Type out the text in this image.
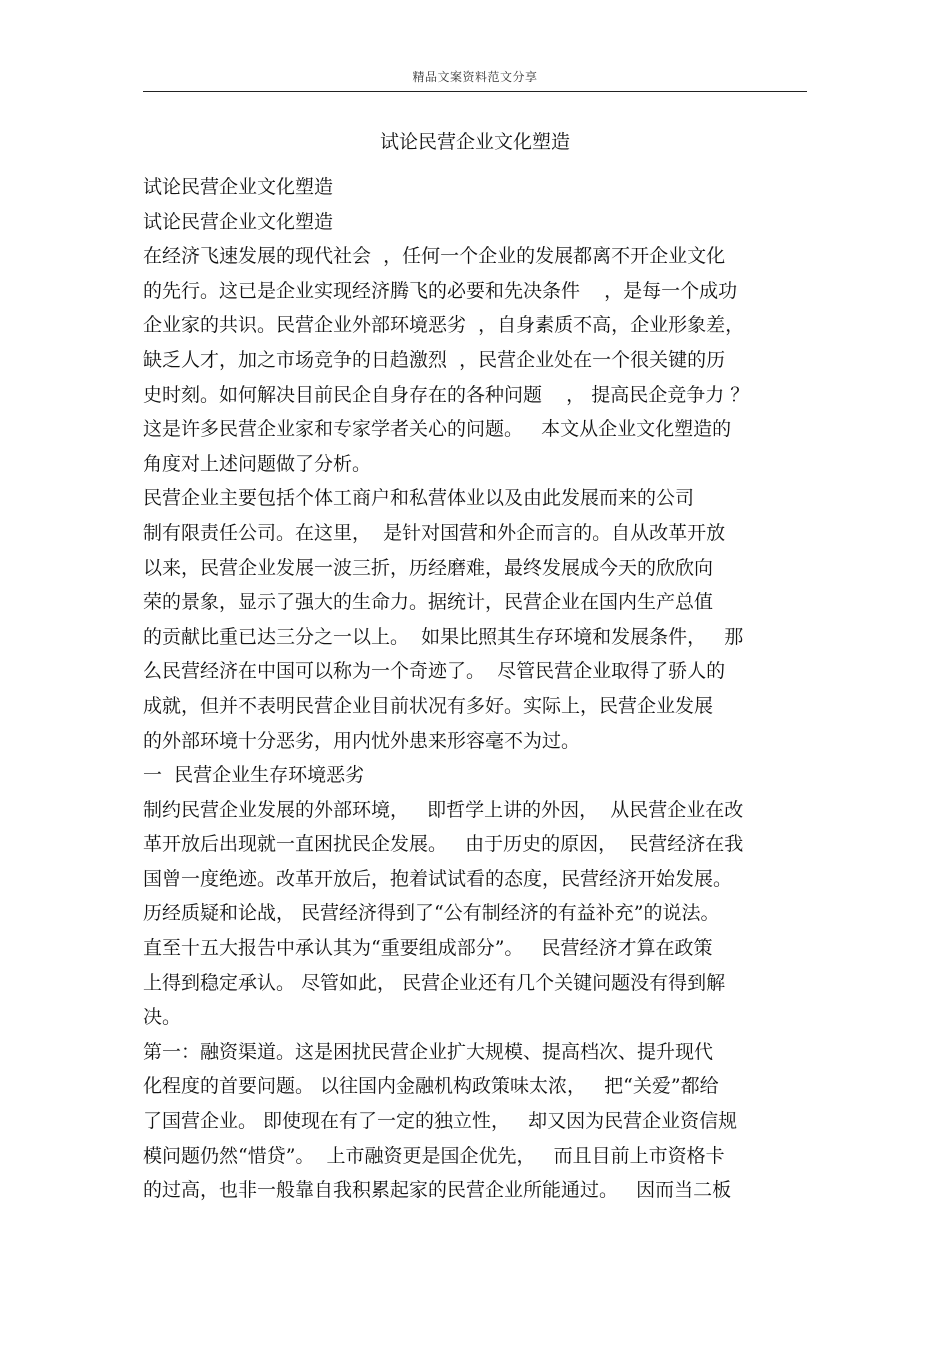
精品文案资料范文分享
试论民营企业文化塑造
试论民营企业文化塑造
试论民营企业文化塑造
在经济飞速发展的现代社会  ，任何一个企业的发展都离不开企业文化
的先行。这已是企业实现经济腾飞的必要和先决条件    ，是每一个成功
企业家的共识。民营企业外部环境恶劣  ，自身素质不高，企业形象差，
缺乏人才，加之市场竞争的日趋激烈  ，民营企业处在一个很关键的历
史时刻。如何解决目前民企自身存在的各种问题    ， 提高民企竞争力 ？
这是许多民营企业家和专家学者关心的问题。   本文从企业文化塑造的
角度对上述问题做了分析。
民营企业主要包括个体工商户和私营体业以及由此发展而来的公司
制有限责任公司。在这里，  是针对国营和外企而言的。自从改革开放
以来，民营企业发展一波三折，历经磨难，最终发展成今天的欣欣向
荣的景象，显示了强大的生命力。据统计，民营企业在国内生产总值
的贡献比重已达三分之一以上。  如果比照其生存环境和发展条件，   那
么民营经济在中国可以称为一个奇迹了。  尽管民营企业取得了骄人的
成就，但并不表明民营企业目前状况有多好。实际上，民营企业发展
的外部环境十分恶劣，用内忧外患来形容毫不为过。
一  民营企业生存环境恶劣
制约民营企业发展的外部环境，   即哲学上讲的外因，  从民营企业在改
革开放后出现就一直困扰民企发展。   由于历史的原因，  民营经济在我
国曾一度绝迹。改革开放后，抱着试试看的态度，民营经济开始发展。
历经质疑和论战， 民营经济得到了“公有制经济的有益补充”的说法。
直至十五大报告中承认其为“重要组成部分”。   民营经济才算在政策
上得到稳定承认。 尽管如此， 民营企业还有几个关键问题没有得到解
决。
第一：融资渠道。这是困扰民营企业扩大规模、提高档次、提升现代
化程度的首要问题。 以往国内金融机构政策味太浓，   把“关爱”都给
了国营企业。 即使现在有了一定的独立性，   却又因为民营企业资信规
模问题仍然“惜贷”。  上市融资更是国企优先，   而且目前上市资格卡
的过高，也非一般靠自我积累起家的民营企业所能通过。   因而当二板
